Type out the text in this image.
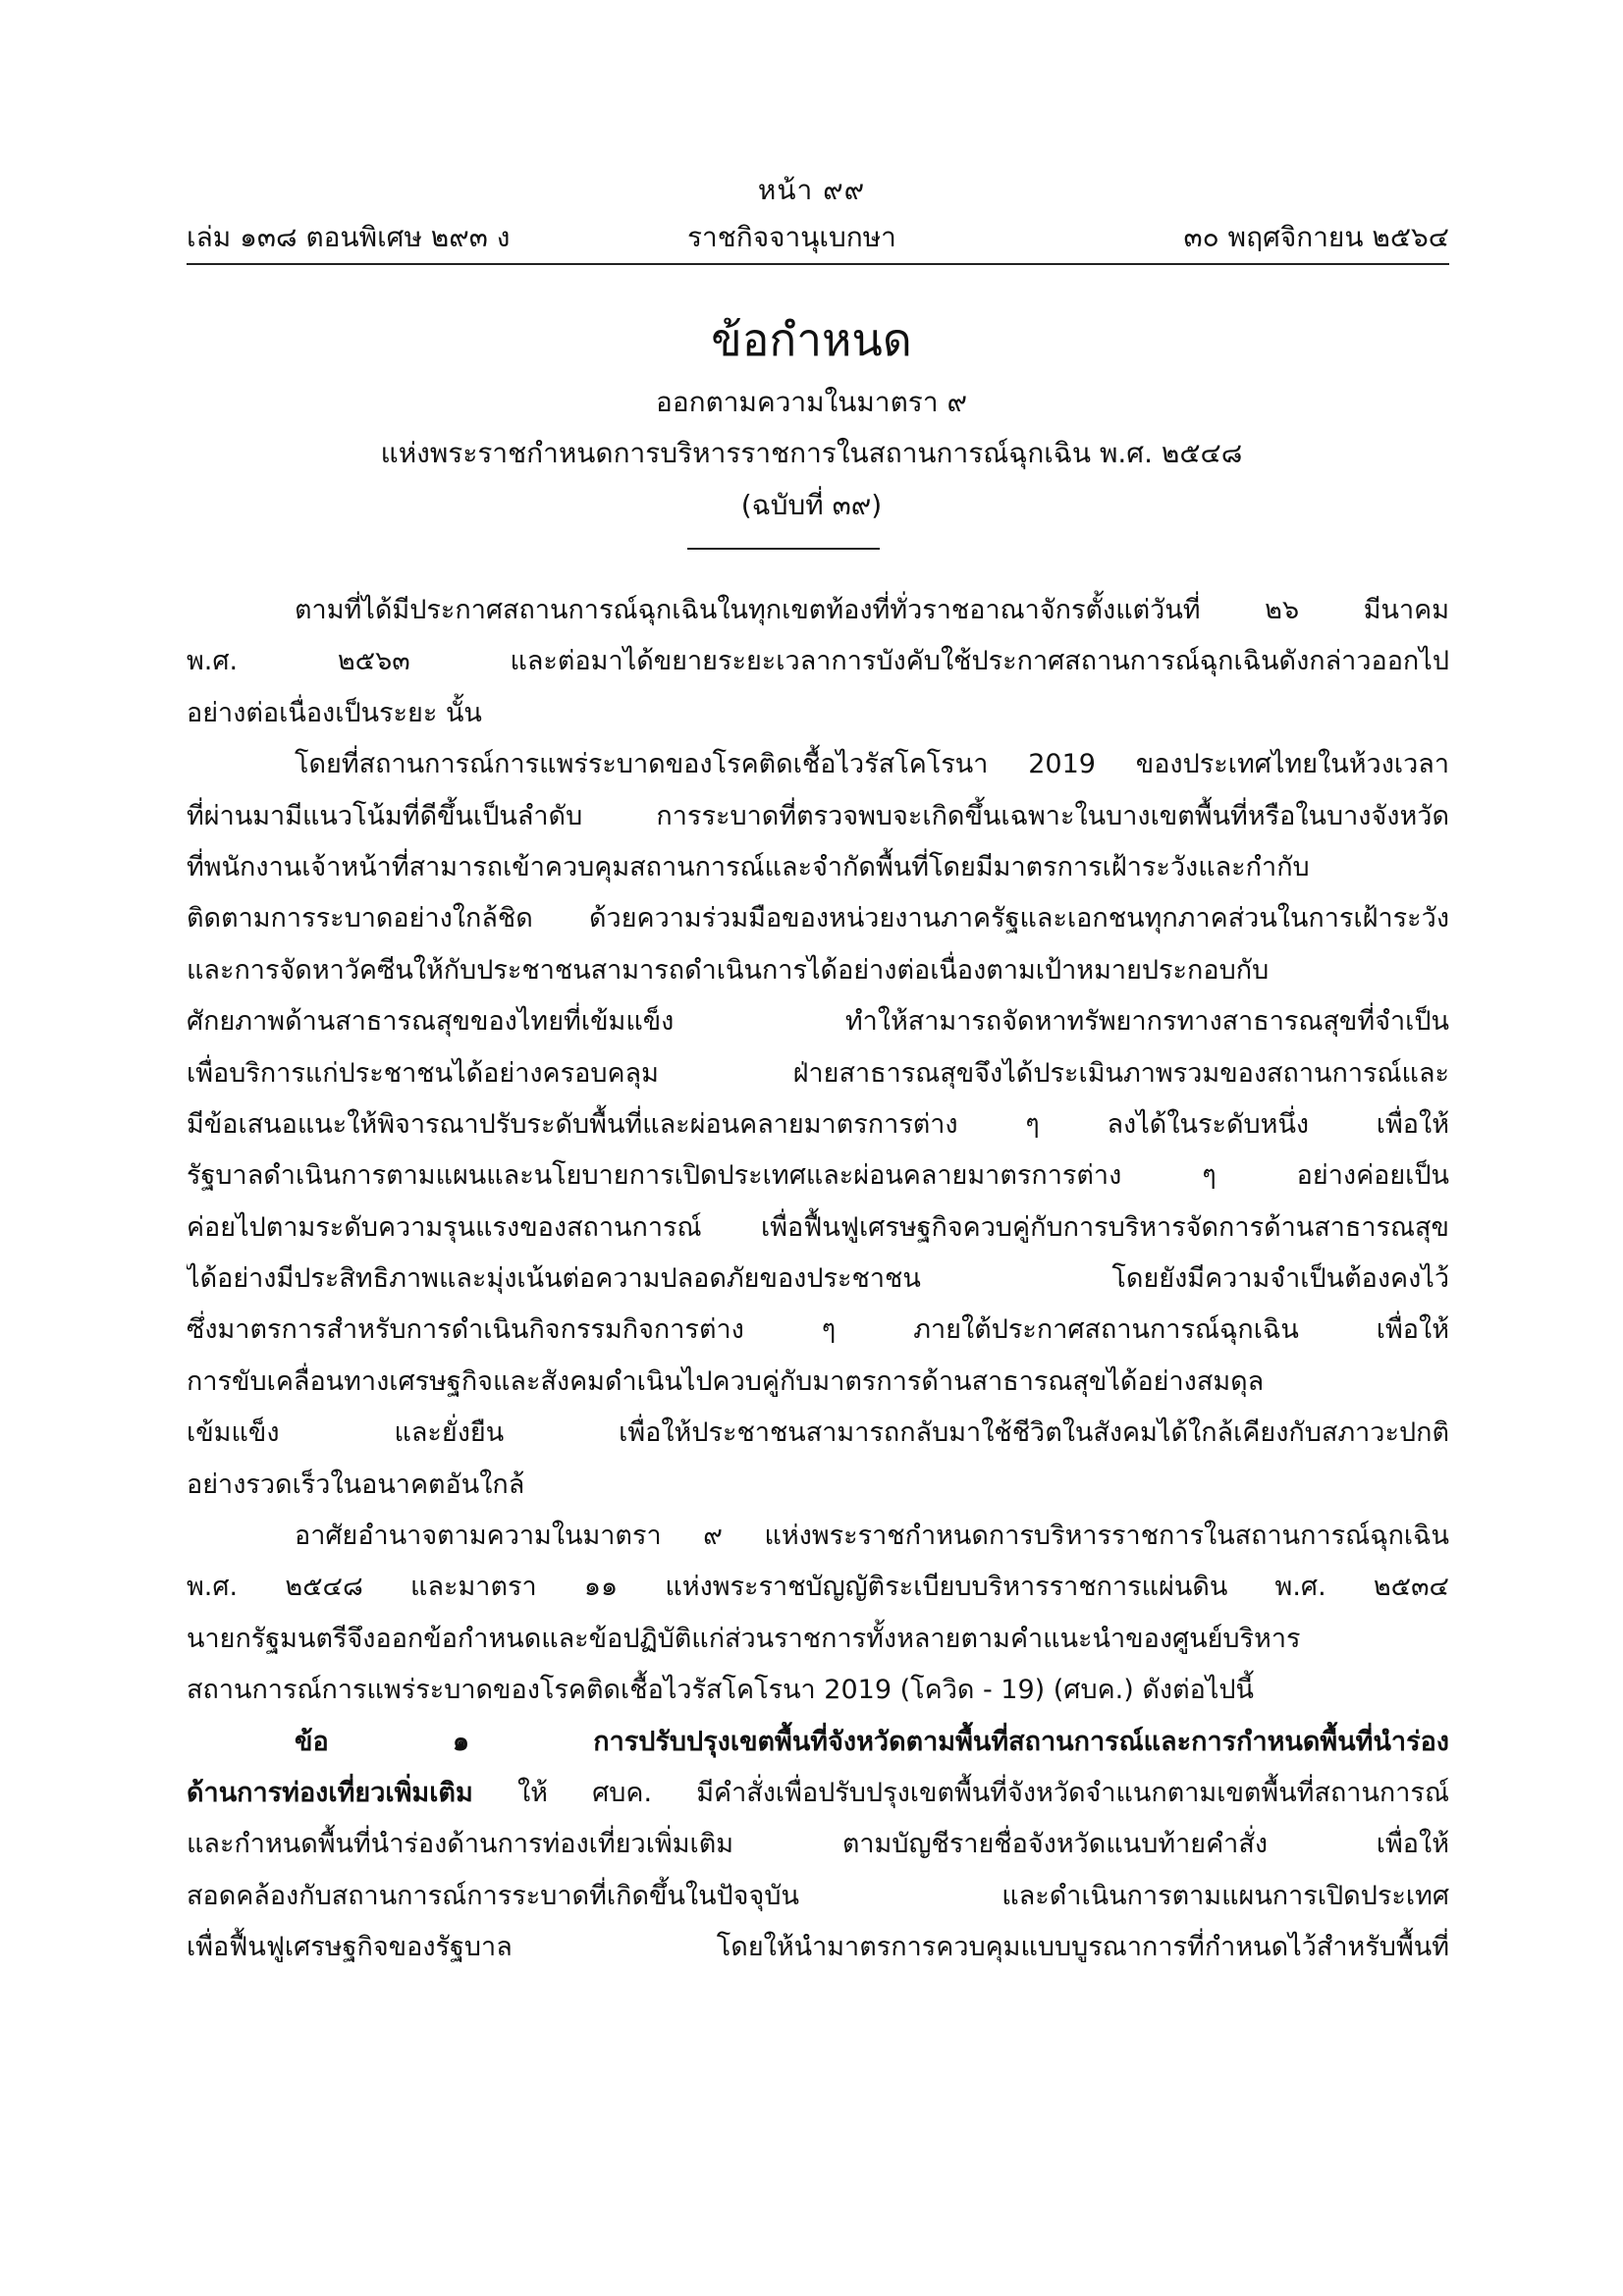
หน้า ๙๙
เล่ม ๑๓๘ ตอนพิเศษ ๒๙๓ ง	ราชกิจจานุเบกษา	๓๐ พฤศจิกายน ๒๕๖๔
ข้อกำหนด
ออกตามความในมาตรา ๙
แห่งพระราชกำหนดการบริหารราชการในสถานการณ์ฉุกเฉิน พ.ศ. ๒๕๔๘
(ฉบับที่ ๓๙)
ตามที่ได้มีประกาศสถานการณ์ฉุกเฉินในทุกเขตท้องที่ทั่วราชอาณาจักรตั้งแต่วันที่ ๒๖ มีนาคม
พ.ศ. ๒๕๖๓ และต่อมาได้ขยายระยะเวลาการบังคับใช้ประกาศสถานการณ์ฉุกเฉินดังกล่าวออกไป
อย่างต่อเนื่องเป็นระยะ นั้น
โดยที่สถานการณ์การแพร่ระบาดของโรคติดเชื้อไวรัสโคโรนา 2019 ของประเทศไทยในห้วงเวลา
ที่ผ่านมามีแนวโน้มที่ดีขึ้นเป็นลำดับ การระบาดที่ตรวจพบจะเกิดขึ้นเฉพาะในบางเขตพื้นที่หรือในบางจังหวัด
ที่พนักงานเจ้าหน้าที่สามารถเข้าควบคุมสถานการณ์และจำกัดพื้นที่โดยมีมาตรการเฝ้าระวังและกำกับ
ติดตามการระบาดอย่างใกล้ชิด ด้วยความร่วมมือของหน่วยงานภาครัฐและเอกชนทุกภาคส่วนในการเฝ้าระวัง
และการจัดหาวัคซีนให้กับประชาชนสามารถดำเนินการได้อย่างต่อเนื่องตามเป้าหมายประกอบกับ
ศักยภาพด้านสาธารณสุขของไทยที่เข้มแข็ง ทำให้สามารถจัดหาทรัพยากรทางสาธารณสุขที่จำเป็น
เพื่อบริการแก่ประชาชนได้อย่างครอบคลุม ฝ่ายสาธารณสุขจึงได้ประเมินภาพรวมของสถานการณ์และ
มีข้อเสนอแนะให้พิจารณาปรับระดับพื้นที่และผ่อนคลายมาตรการต่าง ๆ ลงได้ในระดับหนึ่ง เพื่อให้
รัฐบาลดำเนินการตามแผนและนโยบายการเปิดประเทศและผ่อนคลายมาตรการต่าง ๆ อย่างค่อยเป็น
ค่อยไปตามระดับความรุนแรงของสถานการณ์ เพื่อฟื้นฟูเศรษฐกิจควบคู่กับการบริหารจัดการด้านสาธารณสุข
ได้อย่างมีประสิทธิภาพและมุ่งเน้นต่อความปลอดภัยของประชาชน โดยยังมีความจำเป็นต้องคงไว้
ซึ่งมาตรการสำหรับการดำเนินกิจกรรมกิจการต่าง ๆ ภายใต้ประกาศสถานการณ์ฉุกเฉิน เพื่อให้
การขับเคลื่อนทางเศรษฐกิจและสังคมดำเนินไปควบคู่กับมาตรการด้านสาธารณสุขได้อย่างสมดุล
เข้มแข็ง และยั่งยืน เพื่อให้ประชาชนสามารถกลับมาใช้ชีวิตในสังคมได้ใกล้เคียงกับสภาวะปกติ
อย่างรวดเร็วในอนาคตอันใกล้
อาศัยอำนาจตามความในมาตรา ๙ แห่งพระราชกำหนดการบริหารราชการในสถานการณ์ฉุกเฉิน
พ.ศ. ๒๕๔๘ และมาตรา ๑๑ แห่งพระราชบัญญัติระเบียบบริหารราชการแผ่นดิน พ.ศ. ๒๕๓๔
นายกรัฐมนตรีจึงออกข้อกำหนดและข้อปฏิบัติแก่ส่วนราชการทั้งหลายตามคำแนะนำของศูนย์บริหาร
สถานการณ์การแพร่ระบาดของโรคติดเชื้อไวรัสโคโรนา 2019 (โควิด - 19) (ศบค.) ดังต่อไปนี้
ข้อ ๑ การปรับปรุงเขตพื้นที่จังหวัดตามพื้นที่สถานการณ์และการกำหนดพื้นที่นำร่อง
ด้านการท่องเที่ยวเพิ่มเติม ให้ ศบค. มีคำสั่งเพื่อปรับปรุงเขตพื้นที่จังหวัดจำแนกตามเขตพื้นที่สถานการณ์
และกำหนดพื้นที่นำร่องด้านการท่องเที่ยวเพิ่มเติม ตามบัญชีรายชื่อจังหวัดแนบท้ายคำสั่ง เพื่อให้
สอดคล้องกับสถานการณ์การระบาดที่เกิดขึ้นในปัจจุบัน และดำเนินการตามแผนการเปิดประเทศ
เพื่อฟื้นฟูเศรษฐกิจของรัฐบาล โดยให้นำมาตรการควบคุมแบบบูรณาการที่กำหนดไว้สำหรับพื้นที่
